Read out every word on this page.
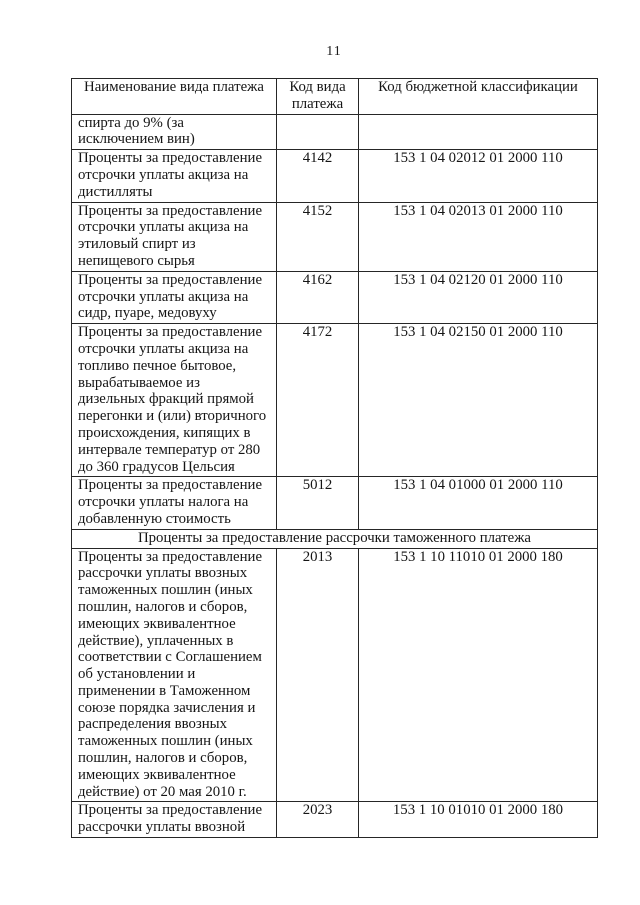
11
Наименование вида платежа	Код вида платежа	Код бюджетной классификации
спирта до 9% (за исключением вин)		
Проценты за предоставление отсрочки уплаты акциза на дистилляты	4142	153 1 04 02012 01 2000 110
Проценты за предоставление отсрочки уплаты акциза на этиловый спирт из непищевого сырья	4152	153 1 04 02013 01 2000 110
Проценты за предоставление отсрочки уплаты акциза на сидр, пуаре, медовуху	4162	153 1 04 02120 01 2000 110
Проценты за предоставление отсрочки уплаты акциза на топливо печное бытовое, вырабатываемое из дизельных фракций прямой перегонки и (или) вторичного происхождения, кипящих в интервале температур от 280 до 360 градусов Цельсия	4172	153 1 04 02150 01 2000 110
Проценты за предоставление отсрочки уплаты налога на добавленную стоимость	5012	153 1 04 01000 01 2000 110
Проценты за предоставление рассрочки таможенного платежа		
Проценты за предоставление рассрочки уплаты ввозных таможенных пошлин (иных пошлин, налогов и сборов, имеющих эквивалентное действие), уплаченных в соответствии с Соглашением об установлении и применении в Таможенном союзе порядка зачисления и распределения ввозных таможенных пошлин (иных пошлин, налогов и сборов, имеющих эквивалентное действие) от 20 мая 2010 г.	2013	153 1 10 11010 01 2000 180
Проценты за предоставление рассрочки уплаты ввозной	2023	153 1 10 01010 01 2000 180
